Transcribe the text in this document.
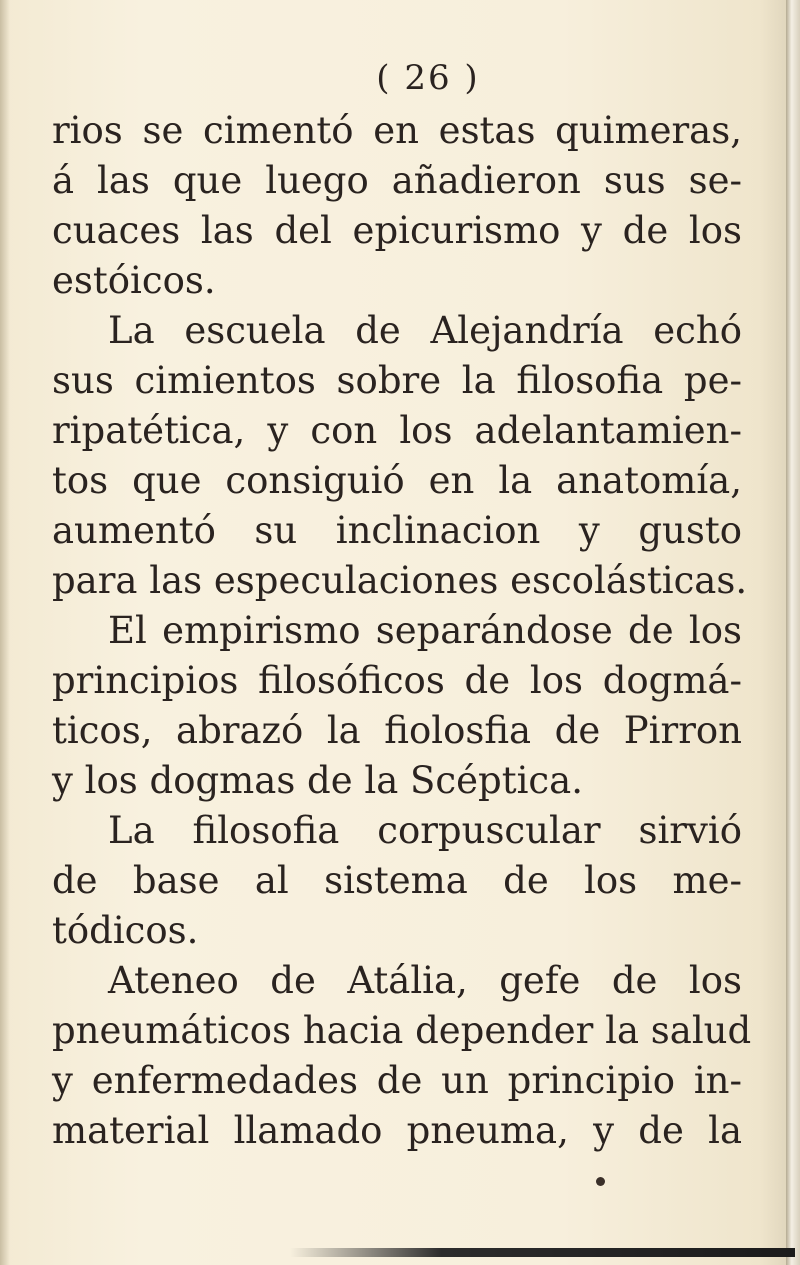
( 26 )
rios se cimentó en estas quimeras,
á las que luego añadieron sus se-
cuaces las del epicurismo y de los
estóicos.
La escuela de Alejandría echó
sus cimientos sobre la filosofia pe-
ripatética, y con los adelantamien-
tos que consiguió en la anatomía,
aumentó su inclinacion y gusto
para las especulaciones escolásticas.
El empirismo separándose de los
principios filosóficos de los dogmá-
ticos, abrazó la fiolosfia de Pirron
y los dogmas de la Scéptica.
La filosofia corpuscular sirvió
de base al sistema de los me-
tódicos.
Ateneo de Atália, gefe de los
pneumáticos hacia depender la salud
y enfermedades de un principio in-
material llamado pneuma, y de la
